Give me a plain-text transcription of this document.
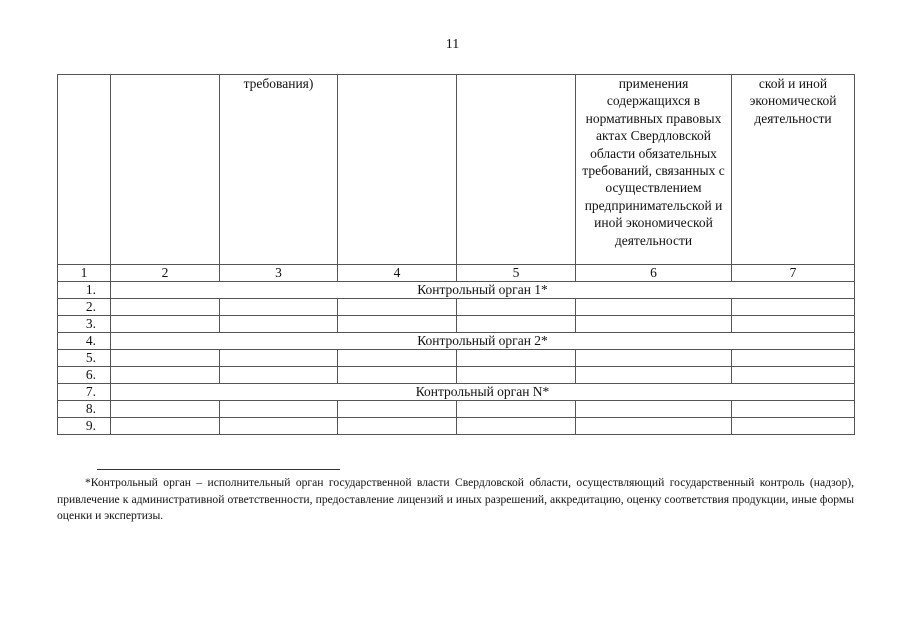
11
		требования)			применения содержащихся в нормативных правовых актах Свердловской области обязательных требований, связанных с осуществлением предпринимательской и иной экономической деятельности	ской и иной экономической деятельности
1	2	3	4	5	6	7
1.	Контрольный орган 1*					
2.						
3.						
4.	Контрольный орган 2*					
5.						
6.						
7.	Контрольный орган N*					
8.						
9.						
*Контрольный орган – исполнительный орган государственной власти Свердловской области, осуществляющий государственный контроль (надзор), привлечение к административной ответственности, предоставление лицензий и иных разрешений, аккредитацию, оценку соответствия продукции, иные формы оценки и экспертизы.
